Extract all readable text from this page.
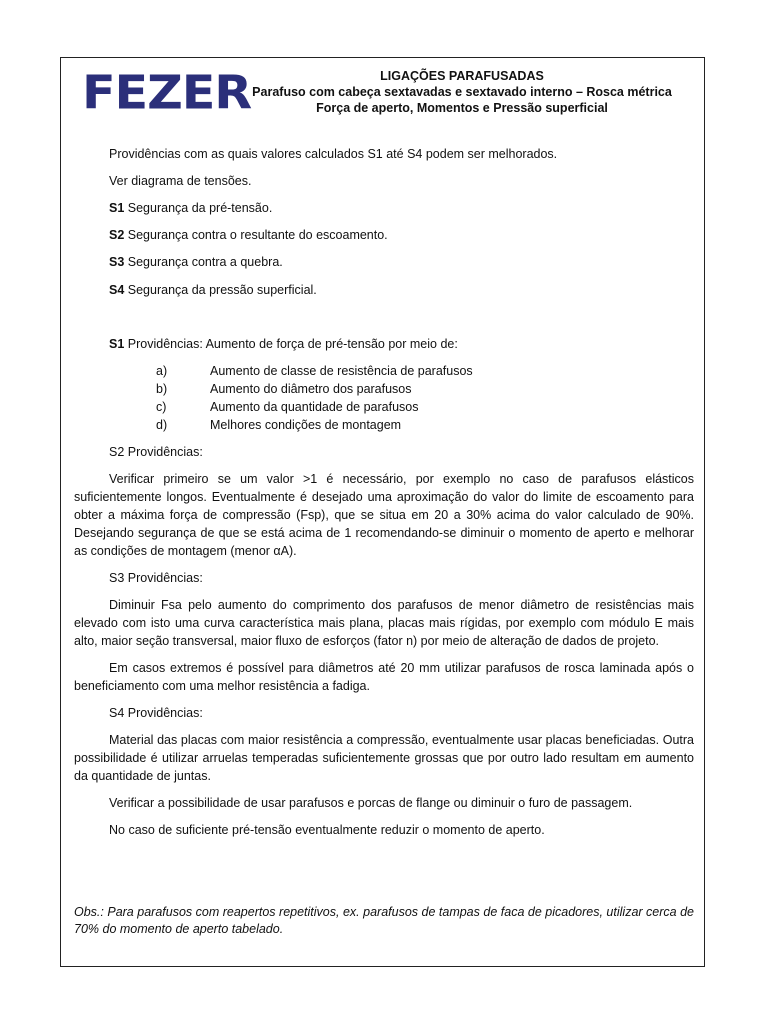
FEZER	LIGAÇÕES PARAFUSADAS
Parafuso com cabeça sextavadas e sextavado interno – Rosca métrica
Força de aperto, Momentos e Pressão superficial
Providências com as quais valores calculados S1 até S4 podem ser melhorados.
Ver diagrama de tensões.
S1 Segurança da pré-tensão.
S2 Segurança contra o resultante do escoamento.
S3 Segurança contra a quebra.
S4 Segurança da pressão superficial.
S1 Providências: Aumento de força de pré-tensão por meio de:
a)	Aumento de classe de resistência de parafusos
b)	Aumento do diâmetro dos parafusos
c)	Aumento da quantidade de parafusos
d)	Melhores condições de montagem
S2 Providências:

Verificar primeiro se um valor >1 é necessário, por exemplo no caso de parafusos elásticos suficientemente longos. Eventualmente é desejado uma aproximação do valor do limite de escoamento para obter a máxima força de compressão (Fsp), que se situa em 20 a 30% acima do valor calculado de 90%. Desejando segurança de que se está acima de 1 recomendando-se diminuir o momento de aperto e melhorar as condições de montagem (menor αA).

S3 Providências:

Diminuir Fsa pelo aumento do comprimento dos parafusos de menor diâmetro de resistências mais elevado com isto uma curva característica mais plana, placas mais rígidas, por exemplo com módulo E mais alto, maior seção transversal, maior fluxo de esforços (fator n) por meio de alteração de dados de projeto.

Em casos extremos é possível para diâmetros até 20 mm utilizar parafusos de rosca laminada após o beneficiamento com uma melhor resistência a fadiga.

S4 Providências:

Material das placas com maior resistência a compressão, eventualmente usar placas beneficiadas. Outra possibilidade é utilizar arruelas temperadas suficientemente grossas que por outro lado resultam em aumento da quantidade de juntas.

Verificar a possibilidade de usar parafusos e porcas de flange ou diminuir o furo de passagem.

No caso de suficiente pré-tensão eventualmente reduzir o momento de aperto.

Obs.: Para parafusos com reapertos repetitivos, ex. parafusos de tampas de faca de picadores, utilizar cerca de 70% do momento de aperto tabelado.
